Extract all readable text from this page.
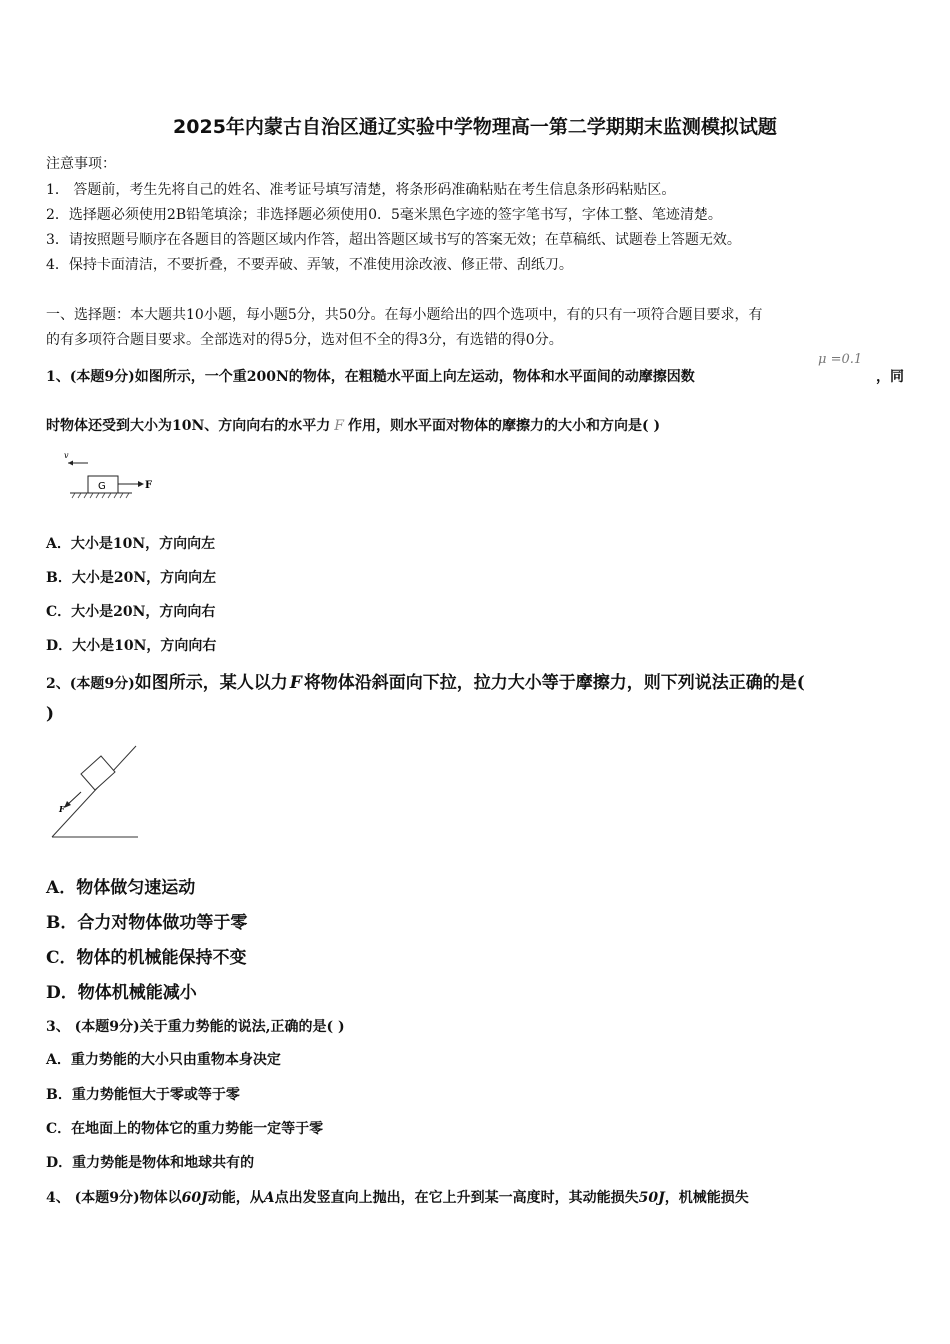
2025年内蒙古自治区通辽实验中学物理高一第二学期期末监测模拟试题
注意事项：
1． 答题前，考生先将自己的姓名、准考证号填写清楚，将条形码准确粘贴在考生信息条形码粘贴区。
2．选择题必须使用2B铅笔填涂；非选择题必须使用0．5毫米黑色字迹的签字笔书写，字体工整、笔迹清楚。
3．请按照题号顺序在各题目的答题区域内作答，超出答题区域书写的答案无效；在草稿纸、试题卷上答题无效。
4．保持卡面清洁，不要折叠，不要弄破、弄皱，不准使用涂改液、修正带、刮纸刀。
一、选择题：本大题共10小题，每小题5分，共50分。在每小题给出的四个选项中，有的只有一项符合题目要求，有
的有多项符合题目要求。全部选对的得5分，选对但不全的得3分，有选错的得0分。
1、(本题9分)如图所示，一个重200N的物体，在粗糙水平面上向左运动，物体和水平面间的动摩擦因数
μ =0.1
，同
时物体还受到大小为10N、方向向右的水平力 F 作用，则水平面对物体的摩擦力的大小和方向是( )
v
G	F
A．大小是10N，方向向左
B．大小是20N，方向向左
C．大小是20N，方向向右
D．大小是10N，方向向右
2、(本题9分)如图所示，某人以力 F 将物体沿斜面向下拉，拉力大小等于摩擦力，则下列说法正确的是(
)
F
A．物体做匀速运动
B．合力对物体做功等于零
C．物体的机械能保持不变
D．物体机械能减小
3、 (本题9分)关于重力势能的说法,正确的是( )
A．重力势能的大小只由重物本身决定
B．重力势能恒大于零或等于零
C．在地面上的物体它的重力势能一定等于零
D．重力势能是物体和地球共有的
4、 (本题9分)物体以60J动能，从A点出发竖直向上抛出，在它上升到某一高度时，其动能损失50J，机械能损失
